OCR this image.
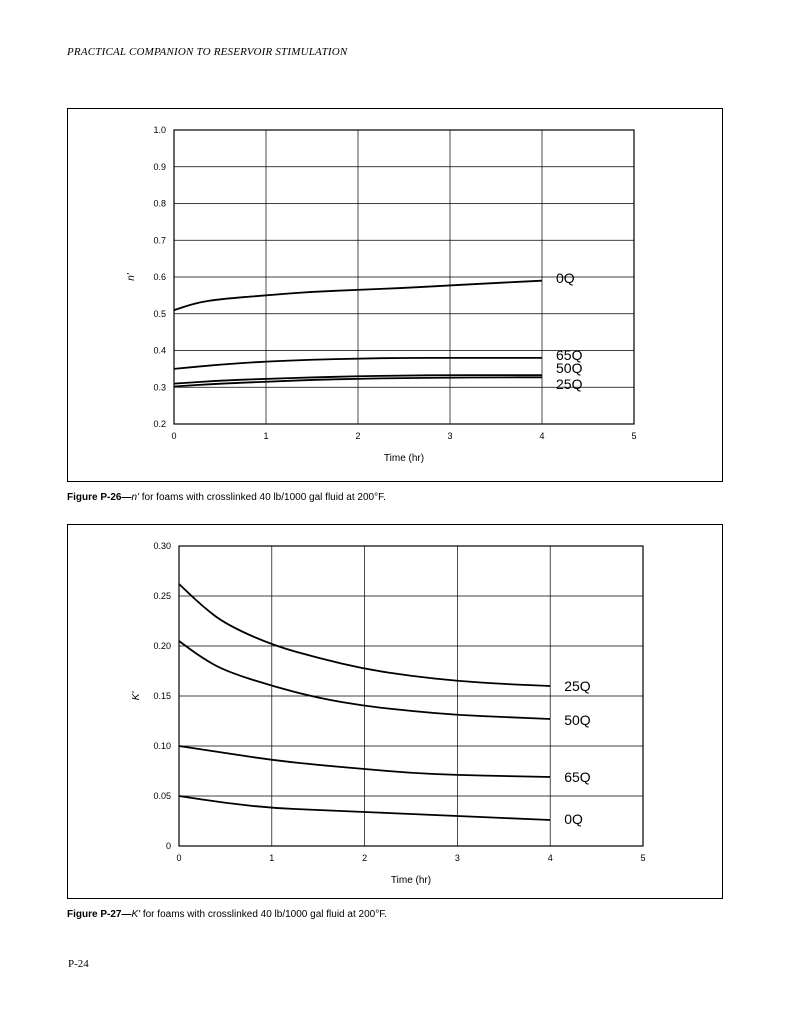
PRACTICAL COMPANION TO RESERVOIR STIMULATION
0	1	2	3	4	5
0.2
0.3
0.4
0.5
0.6
0.7
0.8
0.9
1.0
Time (hr)
n'	0Q
65Q
50Q
25Q
Figure P-26—n' for foams with crosslinked 40 lb/1000 gal fluid at 200°F.
0	1	2	3	4	5
0
0.05
0.10
0.15
0.20
0.25
0.30
Time (hr)
K'
25Q
50Q
65Q
0Q
Figure P-27—K' for foams with crosslinked 40 lb/1000 gal fluid at 200°F.
P-24
